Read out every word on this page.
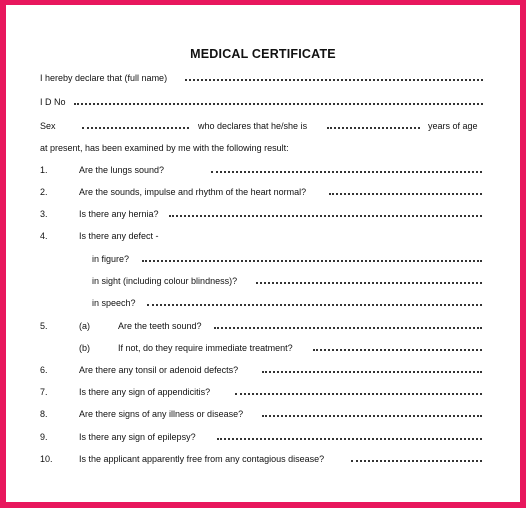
MEDICAL CERTIFICATE
I hereby declare that (full name)
I D No
Sex	who declares that he/she is	years of age
at present, has been examined by me with the following result:
1.	Are the lungs sound?
2.	Are the sounds, impulse and rhythm of the heart normal?
3.	Is there any hernia?
4.	Is there any defect -
in figure?
in sight (including colour blindness)?
in speech?
5.	(a)	Are the teeth sound?
(b)	If not, do they require immediate treatment?
6.	Are there any tonsil or adenoid defects?
7.	Is there any sign of appendicitis?
8.	Are there signs of any illness or disease?
9.	Is there any sign of epilepsy?
10.	Is the applicant apparently free from any contagious disease?
